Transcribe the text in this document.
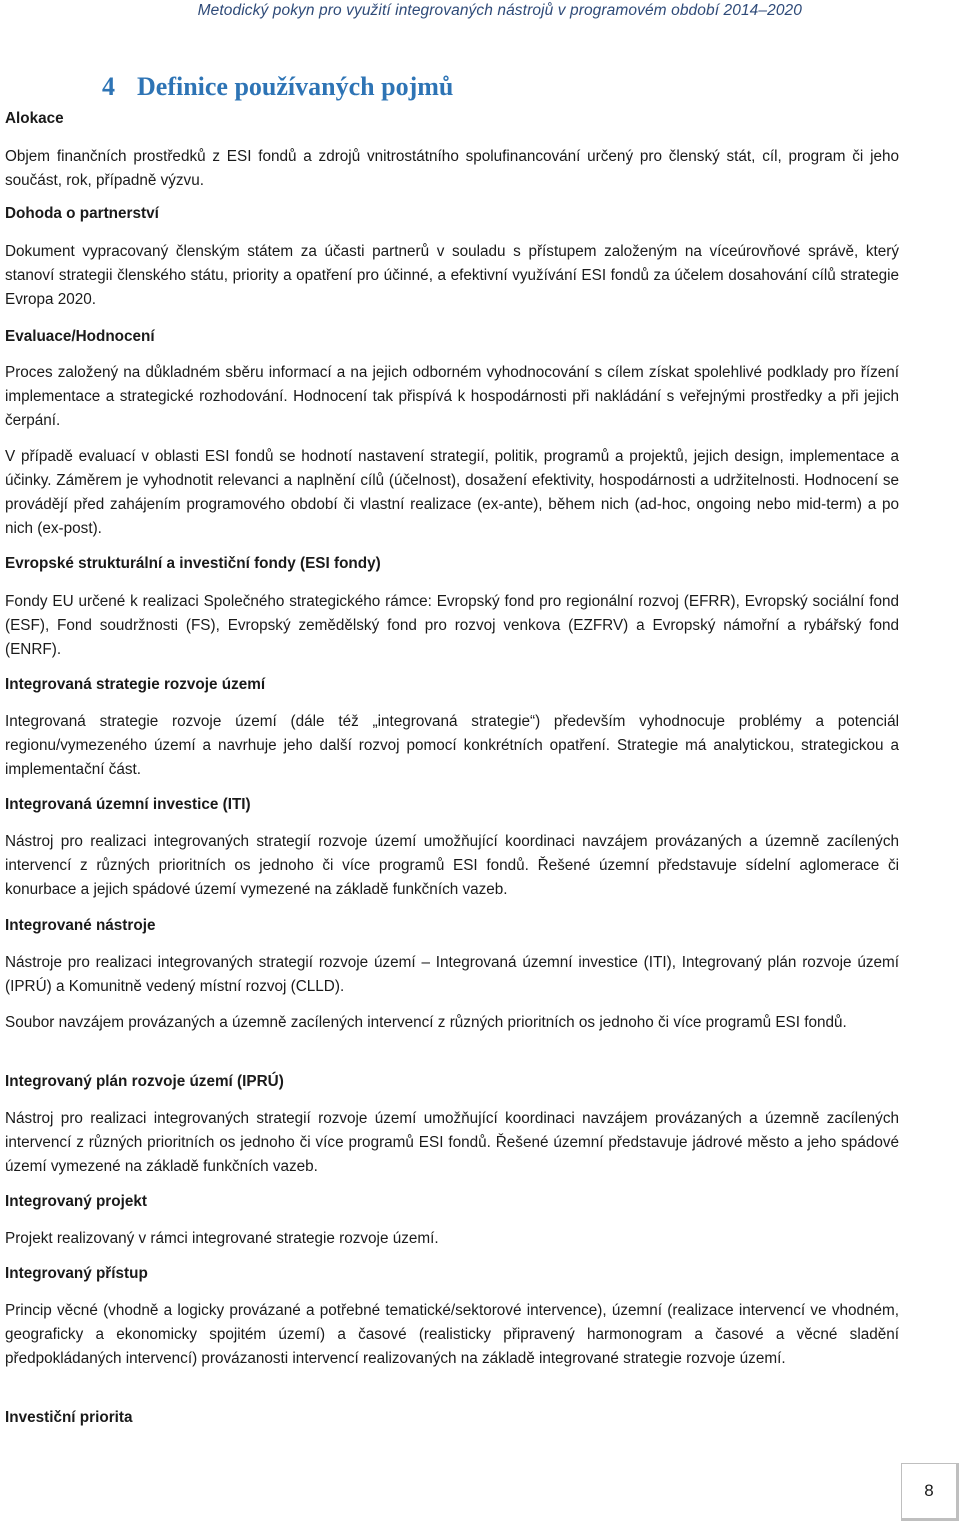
Metodický pokyn pro využití integrovaných nástrojů v programovém období 2014–2020
4 Definice používaných pojmů
Alokace

Objem finančních prostředků z ESI fondů a zdrojů vnitrostátního spolufinancování určený pro členský stát, cíl, program či jeho součást, rok, případně výzvu.

Dohoda o partnerství

Dokument vypracovaný členským státem za účasti partnerů v souladu s přístupem založeným na víceúrovňové správě, který stanoví strategii členského státu, priority a opatření pro účinné, a efektivní využívání ESI fondů za účelem dosahování cílů strategie Evropa 2020.

Evaluace/Hodnocení

Proces založený na důkladném sběru informací a na jejich odborném vyhodnocování s cílem získat spolehlivé podklady pro řízení implementace a strategické rozhodování. Hodnocení tak přispívá k hospodárnosti při nakládání s veřejnými prostředky a při jejich čerpání.

V případě evaluací v oblasti ESI fondů se hodnotí nastavení strategií, politik, programů a projektů, jejich design, implementace a účinky. Záměrem je vyhodnotit relevanci a naplnění cílů (účelnost), dosažení efektivity, hospodárnosti a udržitelnosti. Hodnocení se provádějí před zahájením programového období či vlastní realizace (ex-ante), během nich (ad-hoc, ongoing nebo mid-term) a po nich (ex-post).

Evropské strukturální a investiční fondy (ESI fondy)

Fondy EU určené k realizaci Společného strategického rámce: Evropský fond pro regionální rozvoj (EFRR), Evropský sociální fond (ESF), Fond soudržnosti (FS), Evropský zemědělský fond pro rozvoj venkova (EZFRV) a Evropský námořní a rybářský fond (ENRF).

Integrovaná strategie rozvoje území

Integrovaná strategie rozvoje území (dále též „integrovaná strategie“) především vyhodnocuje problémy a potenciál regionu/vymezeného území a navrhuje jeho další rozvoj pomocí konkrétních opatření. Strategie má analytickou, strategickou a implementační část.

Integrovaná územní investice (ITI)

Nástroj pro realizaci integrovaných strategií rozvoje území umožňující koordinaci navzájem provázaných a územně zacílených intervencí z různých prioritních os jednoho či více programů ESI fondů. Řešené územní představuje sídelní aglomerace či konurbace a jejich spádové území vymezené na základě funkčních vazeb.

Integrované nástroje

Nástroje pro realizaci integrovaných strategií rozvoje území – Integrovaná územní investice (ITI), Integrovaný plán rozvoje území (IPRÚ) a Komunitně vedený místní rozvoj (CLLD).

Soubor navzájem provázaných a územně zacílených intervencí z různých prioritních os jednoho či více programů ESI fondů.

Integrovaný plán rozvoje území (IPRÚ)

Nástroj pro realizaci integrovaných strategií rozvoje území umožňující koordinaci navzájem provázaných a územně zacílených intervencí z různých prioritních os jednoho či více programů ESI fondů. Řešené územní představuje jádrové město a jeho spádové území vymezené na základě funkčních vazeb.

Integrovaný projekt

Projekt realizovaný v rámci integrované strategie rozvoje území.

Integrovaný přístup

Princip věcné (vhodně a logicky provázané a potřebné tematické/sektorové intervence), územní (realizace intervencí ve vhodném, geograficky a ekonomicky spojitém území) a časové (realisticky připravený harmonogram a časové a věcné sladění předpokládaných intervencí) provázanosti intervencí realizovaných na základě integrované strategie rozvoje území.

Investiční priorita
8
